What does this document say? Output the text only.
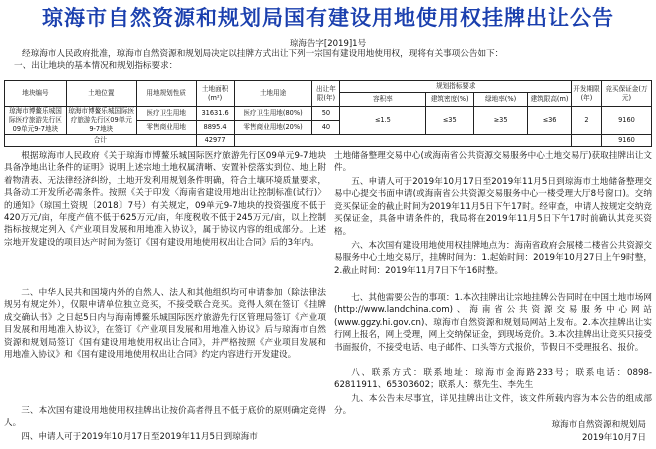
琼海市自然资源和规划局国有建设用地使用权挂牌出让公告
琼海告字[2019]1号
经琼海市人民政府批准，琼海市自然资源和规划局决定以挂牌方式出让下列一宗国有建设用地使用权，现将有关事项公告如下：
一、出让地块的基本情况和规划指标要求：
地块编号	土地位置	用地规划性质	土地面积(m²)	土地用途	出让年限(年)	规划指标要求				开发期限(年)	竞买保证金(万元)
						容积率	建筑密度(%)	绿地率(%)	建筑限高(m)		
琼海市博鳌乐城国际医疗旅游先行区09单元9-7地块	琼海市博鳌乐城国际医疗旅游先行区09单元9-7地块	医疗卫生用地	31631.6	医疗卫生用地(80%)	50	≤1.5	≤35	≥35	≤36	2	9160
		零售商业用地	8895.4	零售商业用地(20%)	40						
合计			42977								9160
根据琼海市人民政府《关于琼海市博鳌乐城国际医疗旅游先行区09单元9-7地块具备净地出让条件的证明》说明上述宗地土地权属清晰、安置补偿落实到位、地上附着物清表、无法律经济纠纷，土地开发利用规划条件明确，符合土壤环境质量要求，具备动工开发所必需条件。按照《关于印发〈海南省建设用地出让控制标准(试行)〉的通知》（琼国土资规〔2018〕7号）有关规定，09单元9-7地块的投资强度不低于420万元/亩，年度产值不低于625万元/亩，年度税收不低于245万元/亩，以上控制指标按规定列入《产业项目发展和用地准入协议》，属于协议内容的组成部分。上述宗地开发建设的项目达产时间为签订《国有建设用地使用权出让合同》后的3年内。
二、中华人民共和国境内外的自然人、法人和其他组织均可申请参加（除法律法规另有规定外），仅限申请单位独立竞买，不接受联合竞买。竞得人须在签订《挂牌成交确认书》之日起5日内与海南博鳌乐城国际医疗旅游先行区管理局签订《产业项目发展和用地准入协议》，在签订《产业项目发展和用地准入协议》后与琼海市自然资源和规划局签订《国有建设用地使用权出让合同》，并严格按照《产业项目发展和用地准入协议》和《国有建设用地使用权出让合同》约定内容进行开发建设。
三、本次国有建设用地使用权挂牌出让按价高者得且不低于底价的原则确定竞得人。
四、申请人可于2019年10月17日至2019年11月5日到琼海市
土地储备整理交易中心(或海南省公共资源交易服务中心土地交易厅)获取挂牌出让文件。
五、申请人可于2019年10月17日至2019年11月5日到琼海市土地储备整理交易中心提交书面申请(或海南省公共资源交易服务中心一楼受理大厅8号窗口)。交纳竞买保证金的截止时间为2019年11月5日下午17时。经审查，申请人按规定交纳竞买保证金，具备申请条件的，我局将在2019年11月5日下午17时前确认其竞买资格。
六、本次国有建设用地使用权挂牌地点为：海南省政府会展楼二楼省公共资源交易服务中心土地交易厅，挂牌时间为：1.起始时间：2019年10月27日上午9时整，2.截止时间：2019年11月7日下午16时整。
七、其他需要公告的事项：1.本次挂牌出让宗地挂牌公告同时在中国土地市场网(http://www.landchina.com)、海南省公共资源交易服务中心网站(www.ggzy.hi.gov.cn)、琼海市自然资源和规划局网站上发布。2.本次挂牌出让实行网上报名，网上受理，网上交纳保证金，到现场竞价。3.本次挂牌出让竞买只接受书面报价，不接受电话、电子邮件、口头等方式报价，节假日不受理报名、报价。
八、联系方式：联系地址：琼海市金海路233号；联系电话：0898-62811911、65303602；联系人：蔡先生、李先生
九、本公告未尽事宜，详见挂牌出让文件，该文件所载内容为本公告的组成部分。
琼海市自然资源和规划局
2019年10月7日
